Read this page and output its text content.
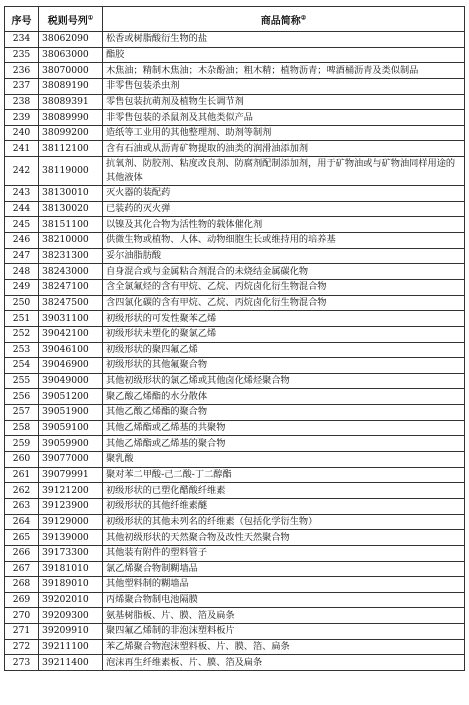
序号	税则号列①	商品简称②
234	38062090	松香或树脂酸衍生物的盐
235	38063000	酯胶
236	38070000	木焦油；精制木焦油；木杂酚油；粗木精；植物沥青；啤酒桶沥青及类似制品
237	38089190	非零售包装杀虫剂
238	38089391	零售包装抗萌剂及植物生长调节剂
239	38089990	非零售包装的杀鼠剂及其他类似产品
240	38099200	造纸等工业用的其他整理剂、助剂等制剂
241	38112100	含有石油或从沥青矿物提取的油类的润滑油添加剂
242	38119000	抗氧剂、防胶剂、粘度改良剂、防腐剂配制添加剂，用于矿物油或与矿物油同样用途的其他液体
243	38130010	灭火器的装配药
244	38130020	已装药的灭火弹
245	38151100	以镍及其化合物为活性物的载体催化剂
246	38210000	供微生物或植物、人体、动物细胞生长或维持用的培养基
247	38231300	妥尔油脂肪酸
248	38243000	自身混合或与金属粘合剂混合的未烧结金属碳化物
249	38247100	含全氯氟烃的含有甲烷、乙烷、丙烷卤化衍生物混合物
250	38247500	含四氯化碳的含有甲烷、乙烷、丙烷卤化衍生物混合物
251	39031100	初级形状的可发性聚苯乙烯
252	39042100	初级形状未塑化的聚氯乙烯
253	39046100	初级形状的聚四氟乙烯
254	39046900	初级形状的其他氟聚合物
255	39049000	其他初级形状的氯乙烯或其他卤化烯烃聚合物
256	39051200	聚乙酸乙烯酯的水分散体
257	39051900	其他乙酸乙烯酯的聚合物
258	39059100	其他乙烯酯或乙烯基的共聚物
259	39059900	其他乙烯酯或乙烯基的聚合物
260	39077000	聚乳酸
261	39079991	聚对苯二甲酸-己二酸-丁二醇酯
262	39121200	初级形状的已塑化醋酸纤维素
263	39123900	初级形状的其他纤维素醚
264	39129000	初级形状的其他未列名的纤维素（包括化学衍生物）
265	39139000	其他初级形状的天然聚合物及改性天然聚合物
266	39173300	其他装有附件的塑料管子
267	39181010	氯乙烯聚合物制糊墙品
268	39189010	其他塑料制的糊墙品
269	39202010	丙烯聚合物制电池隔膜
270	39209300	氨基树脂板、片、膜、箔及扁条
271	39209910	聚四氟乙烯制的非泡沫塑料板片
272	39211100	苯乙烯聚合物泡沫塑料板、片、膜、箔、扁条
273	39211400	泡沫再生纤维素板、片、膜、箔及扁条
